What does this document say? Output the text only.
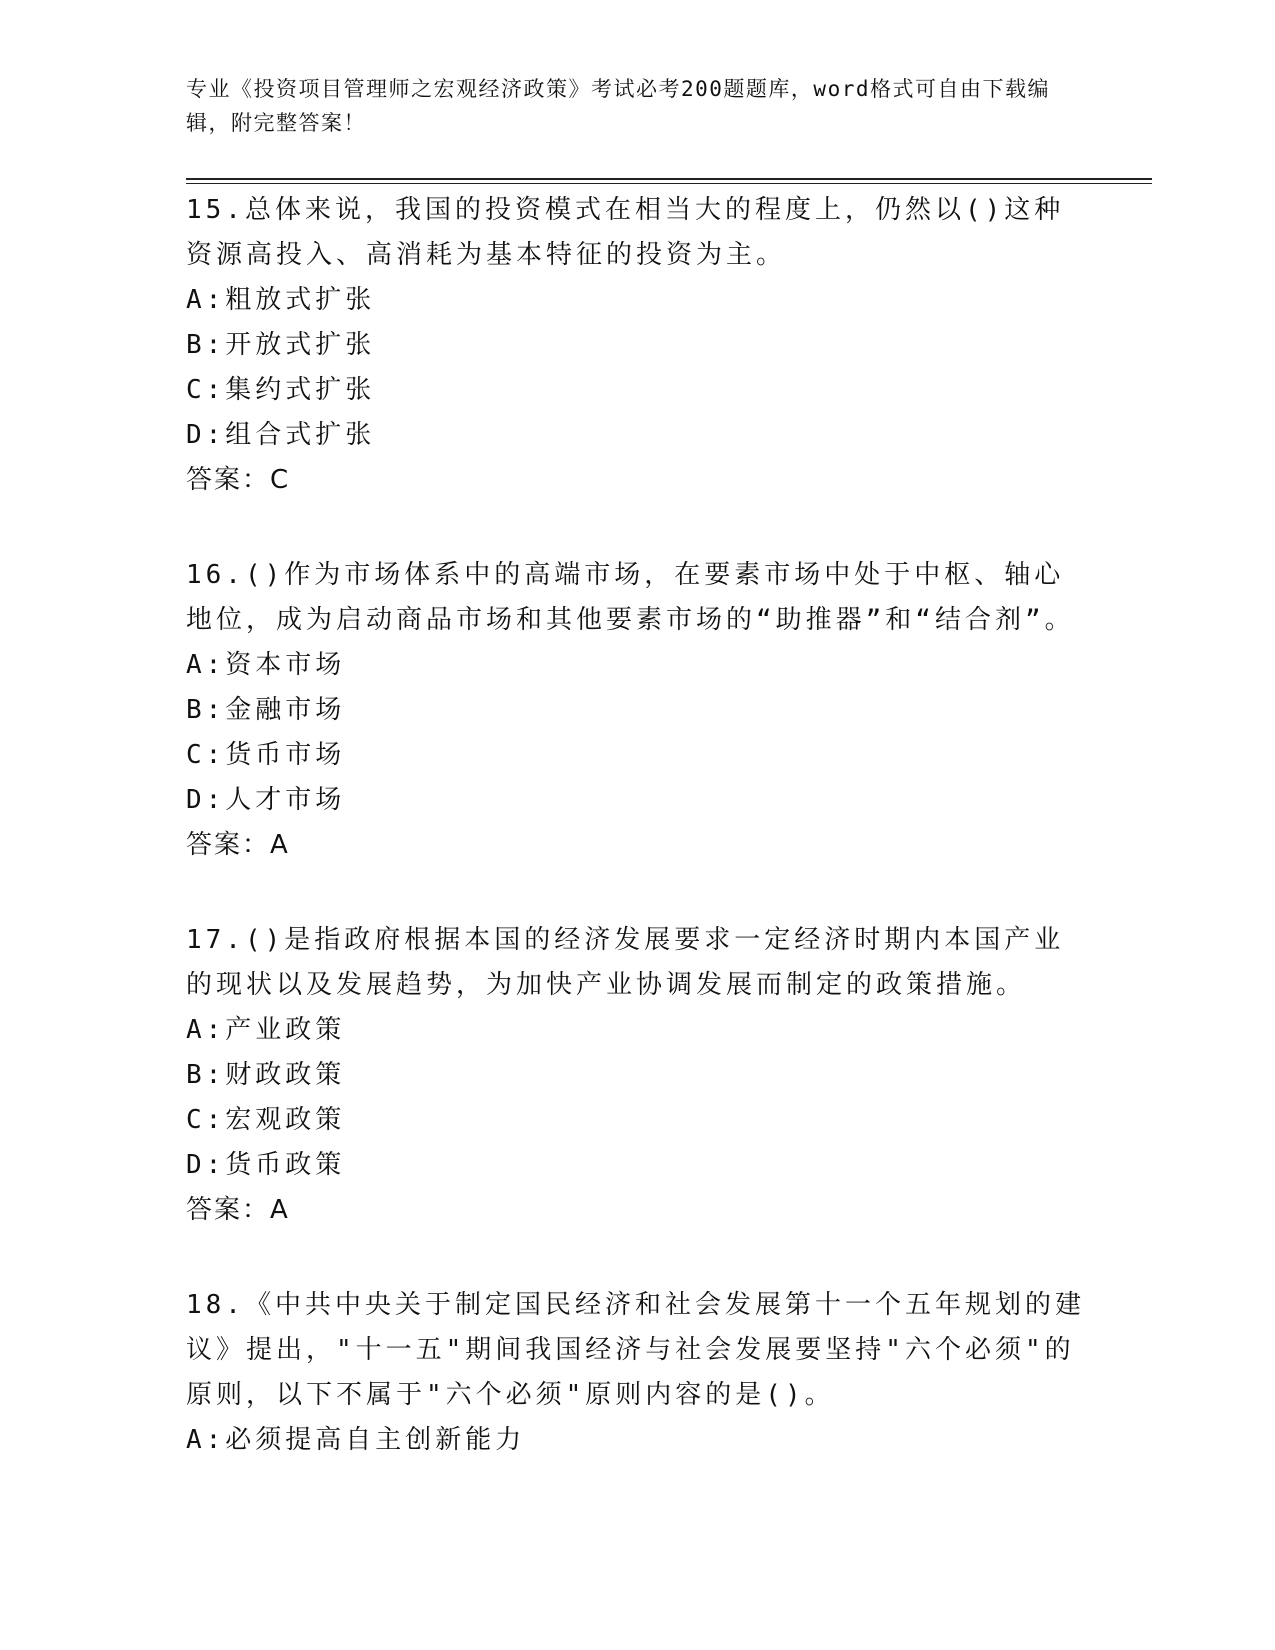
专业《投资项目管理师之宏观经济政策》考试必考200题题库，word格式可自由下载编辑，附完整答案！
15.总体来说，我国的投资模式在相当大的程度上，仍然以()这种资源高投入、高消耗为基本特征的投资为主。
A:粗放式扩张
B:开放式扩张
C:集约式扩张
D:组合式扩张
答案：C
16.()作为市场体系中的高端市场，在要素市场中处于中枢、轴心地位，成为启动商品市场和其他要素市场的“助推器”和“结合剂”。
A:资本市场
B:金融市场
C:货币市场
D:人才市场
答案：A
17.()是指政府根据本国的经济发展要求一定经济时期内本国产业的现状以及发展趋势，为加快产业协调发展而制定的政策措施。
A:产业政策
B:财政政策
C:宏观政策
D:货币政策
答案：A
18.《中共中央关于制定国民经济和社会发展第十一个五年规划的建议》提出，"十一五"期间我国经济与社会发展要坚持"六个必须"的原则，以下不属于"六个必须"原则内容的是()。
A:必须提高自主创新能力
